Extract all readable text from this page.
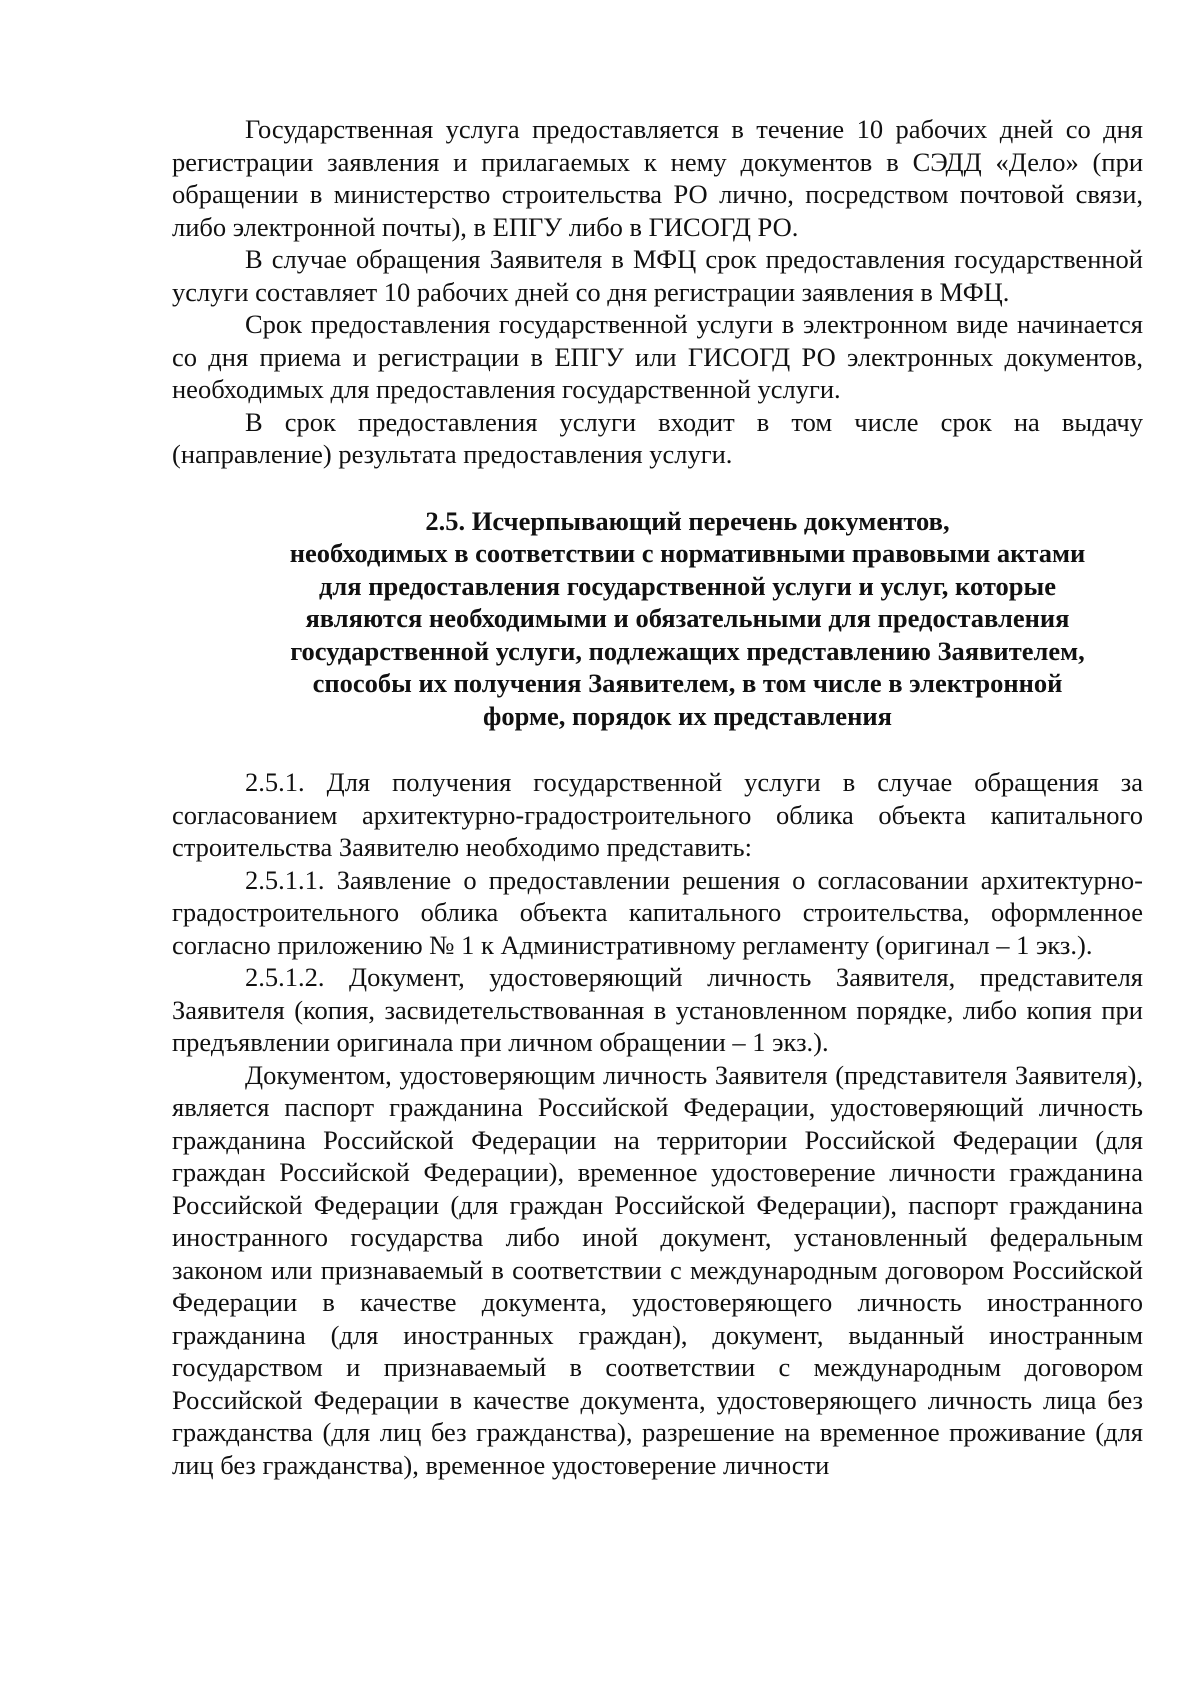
Государственная услуга предоставляется в течение 10 рабочих дней со дня регистрации заявления и прилагаемых к нему документов в СЭДД «Дело» (при обращении в министерство строительства РО лично, посредством почтовой связи, либо электронной почты), в ЕПГУ либо в ГИСОГД РО.

В случае обращения Заявителя в МФЦ срок предоставления государственной услуги составляет 10 рабочих дней со дня регистрации заявления в МФЦ.

Срок предоставления государственной услуги в электронном виде начинается со дня приема и регистрации в ЕПГУ или ГИСОГД РО электронных документов, необходимых для предоставления государственной услуги.

В срок предоставления услуги входит в том числе срок на выдачу (направление) результата предоставления услуги.

2.5. Исчерпывающий перечень документов,
необходимых в соответствии с нормативными правовыми актами
для предоставления государственной услуги и услуг, которые
являются необходимыми и обязательными для предоставления
государственной услуги, подлежащих представлению Заявителем,
способы их получения Заявителем, в том числе в электронной
форме, порядок их представления

2.5.1. Для получения государственной услуги в случае обращения за согласованием архитектурно-градостроительного облика объекта капитального строительства Заявителю необходимо представить:

2.5.1.1. Заявление о предоставлении решения о согласовании архитектурно-градостроительного облика объекта капитального строительства, оформленное согласно приложению № 1 к Административному регламенту (оригинал – 1 экз.).

2.5.1.2. Документ, удостоверяющий личность Заявителя, представителя Заявителя (копия, засвидетельствованная в установленном порядке, либо копия при предъявлении оригинала при личном обращении – 1 экз.).

Документом, удостоверяющим личность Заявителя (представителя Заявителя), является паспорт гражданина Российской Федерации, удостоверяющий личность гражданина Российской Федерации на территории Российской Федерации (для граждан Российской Федерации), временное удостоверение личности гражданина Российской Федерации (для граждан Российской Федерации), паспорт гражданина иностранного государства либо иной документ, установленный федеральным законом или признаваемый в соответствии с международным договором Российской Федерации в качестве документа, удостоверяющего личность иностранного гражданина (для иностранных граждан), документ, выданный иностранным государством и признаваемый в соответствии с международным договором Российской Федерации в качестве документа, удостоверяющего личность лица без гражданства (для лиц без гражданства), разрешение на временное проживание (для лиц без гражданства), временное удостоверение личности
